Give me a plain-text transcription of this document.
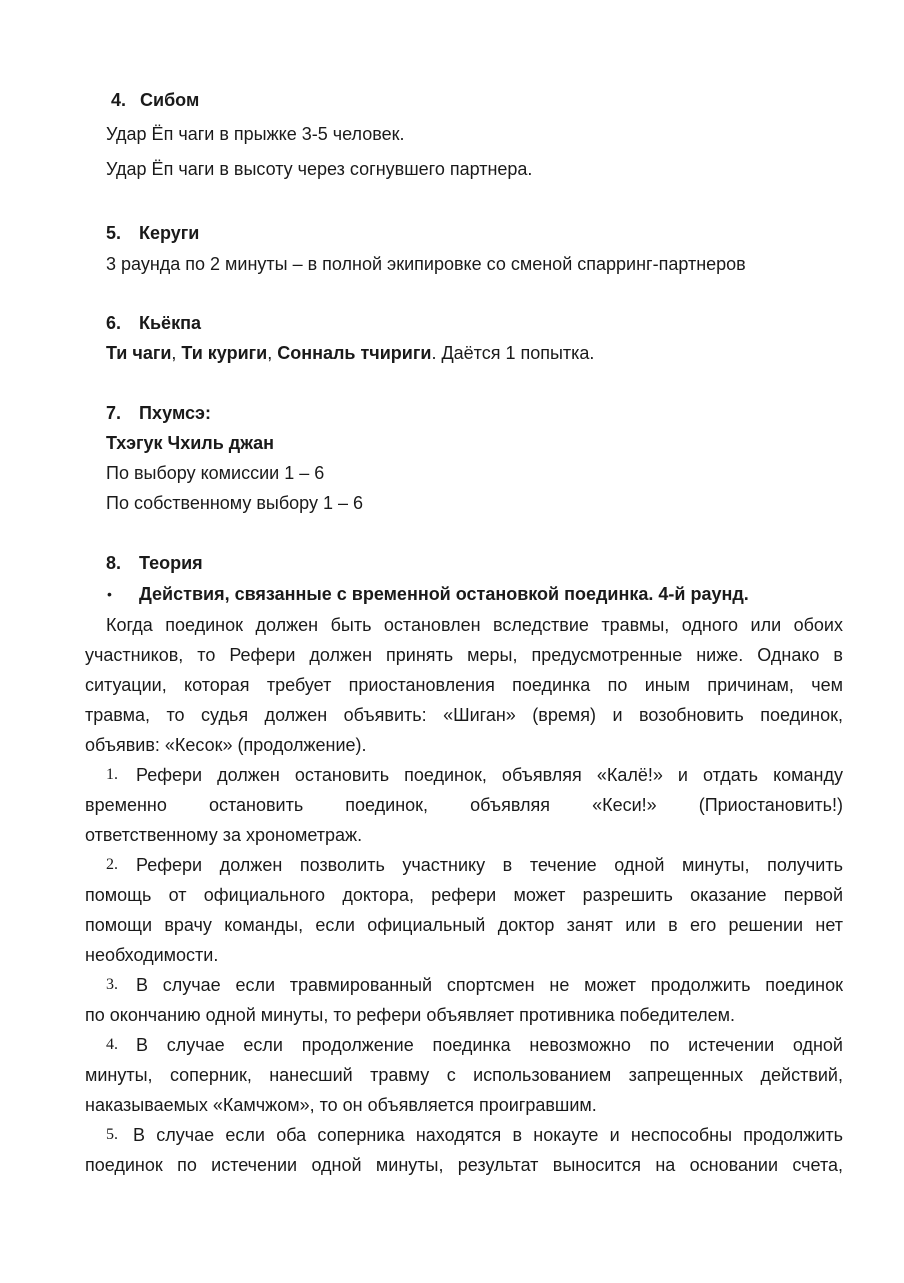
4. Сибом
Удар Ёп чаги в прыжке 3-5 человек.
Удар Ёп чаги в высоту через согнувшего партнера.
5. Керуги
3 раунда по 2 минуты – в полной экипировке со сменой спарринг-партнеров
6. Кьёкпа
Ти чаги, Ти куриги, Сонналь тчириги. Даётся 1 попытка.
7. Пхумсэ:
Тхэгук Чхиль джан
По выбору комиссии 1 – 6
По собственному выбору 1 – 6
8. Теория
• Действия, связанные с временной остановкой поединка. 4-й раунд.
Когда поединок должен быть остановлен вследствие травмы, одного или обоих
участников, то Рефери должен принять меры, предусмотренные ниже. Однако в
ситуации, которая требует приостановления поединка по иным причинам, чем
травма, то судья должен объявить: «Шиган» (время) и возобновить поединок,
объявив: «Кесок» (продолжение).
1. Рефери должен остановить поединок, объявляя «Калё!» и отдать команду
временно остановить поединок, объявляя «Кеси!» (Приостановить!)
ответственному за хронометраж.
2. Рефери должен позволить участнику в течение одной минуты, получить
помощь от официального доктора, рефери может разрешить оказание первой
помощи врачу команды, если официальный доктор занят или в его решении нет
необходимости.
3. В случае если травмированный спортсмен не может продолжить поединок
по окончанию одной минуты, то рефери объявляет противника победителем.
4. В случае если продолжение поединка невозможно по истечении одной
минуты, соперник, нанесший травму с использованием запрещенных действий,
наказываемых «Камчжом», то он объявляется проигравшим.
5. В случае если оба соперника находятся в нокауте и неспособны продолжить
поединок по истечении одной минуты, результат выносится на основании счета,
